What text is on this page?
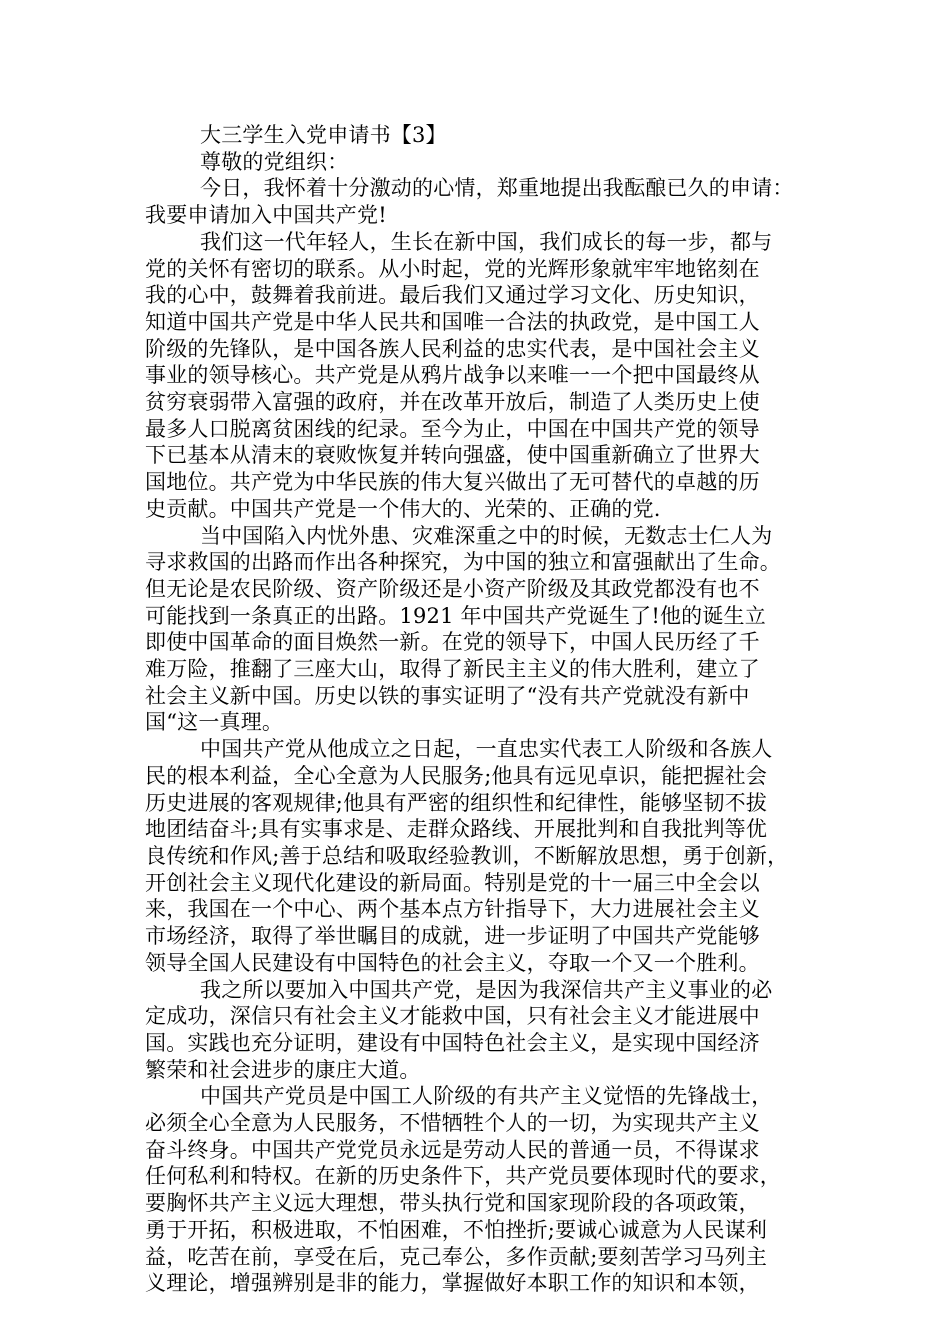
大三学生入党申请书【3】
尊敬的党组织：
今日，我怀着十分激动的心情，郑重地提出我酝酿已久的申请：
我要申请加入中国共产党!
我们这一代年轻人，生长在新中国，我们成长的每一步，都与
党的关怀有密切的联系。从小时起，党的光辉形象就牢牢地铭刻在
我的心中，鼓舞着我前进。最后我们又通过学习文化、历史知识，
知道中国共产党是中华人民共和国唯一合法的执政党，是中国工人
阶级的先锋队，是中国各族人民利益的忠实代表，是中国社会主义
事业的领导核心。共产党是从鸦片战争以来唯一一个把中国最终从
贫穷衰弱带入富强的政府，并在改革开放后，制造了人类历史上使
最多人口脱离贫困线的纪录。至今为止，中国在中国共产党的领导
下已基本从清末的衰败恢复并转向强盛，使中国重新确立了世界大
国地位。共产党为中华民族的伟大复兴做出了无可替代的卓越的历
史贡献。中国共产党是一个伟大的、光荣的、正确的党.
当中国陷入内忧外患、灾难深重之中的时候，无数志士仁人为
寻求救国的出路而作出各种探究，为中国的独立和富强献出了生命。
但无论是农民阶级、资产阶级还是小资产阶级及其政党都没有也不
可能找到一条真正的出路。1921 年中国共产党诞生了!他的诞生立
即使中国革命的面目焕然一新。在党的领导下，中国人民历经了千
难万险，推翻了三座大山，取得了新民主主义的伟大胜利，建立了
社会主义新中国。历史以铁的事实证明了“没有共产党就没有新中
国“这一真理。
中国共产党从他成立之日起，一直忠实代表工人阶级和各族人
民的根本利益，全心全意为人民服务;他具有远见卓识，能把握社会
历史进展的客观规律;他具有严密的组织性和纪律性，能够坚韧不拔
地团结奋斗;具有实事求是、走群众路线、开展批判和自我批判等优
良传统和作风;善于总结和吸取经验教训，不断解放思想，勇于创新，
开创社会主义现代化建设的新局面。特别是党的十一届三中全会以
来，我国在一个中心、两个基本点方针指导下，大力进展社会主义
市场经济，取得了举世瞩目的成就，进一步证明了中国共产党能够
领导全国人民建设有中国特色的社会主义，夺取一个又一个胜利。
我之所以要加入中国共产党，是因为我深信共产主义事业的必
定成功，深信只有社会主义才能救中国，只有社会主义才能进展中
国。实践也充分证明，建设有中国特色社会主义，是实现中国经济
繁荣和社会进步的康庄大道。
中国共产党员是中国工人阶级的有共产主义觉悟的先锋战士，
必须全心全意为人民服务，不惜牺牲个人的一切，为实现共产主义
奋斗终身。中国共产党党员永远是劳动人民的普通一员，不得谋求
任何私利和特权。在新的历史条件下，共产党员要体现时代的要求，
要胸怀共产主义远大理想，带头执行党和国家现阶段的各项政策，
勇于开拓，积极进取，不怕困难，不怕挫折;要诚心诚意为人民谋利
益，吃苦在前，享受在后，克己奉公，多作贡献;要刻苦学习马列主
义理论，增强辨别是非的能力，掌握做好本职工作的知识和本领，
